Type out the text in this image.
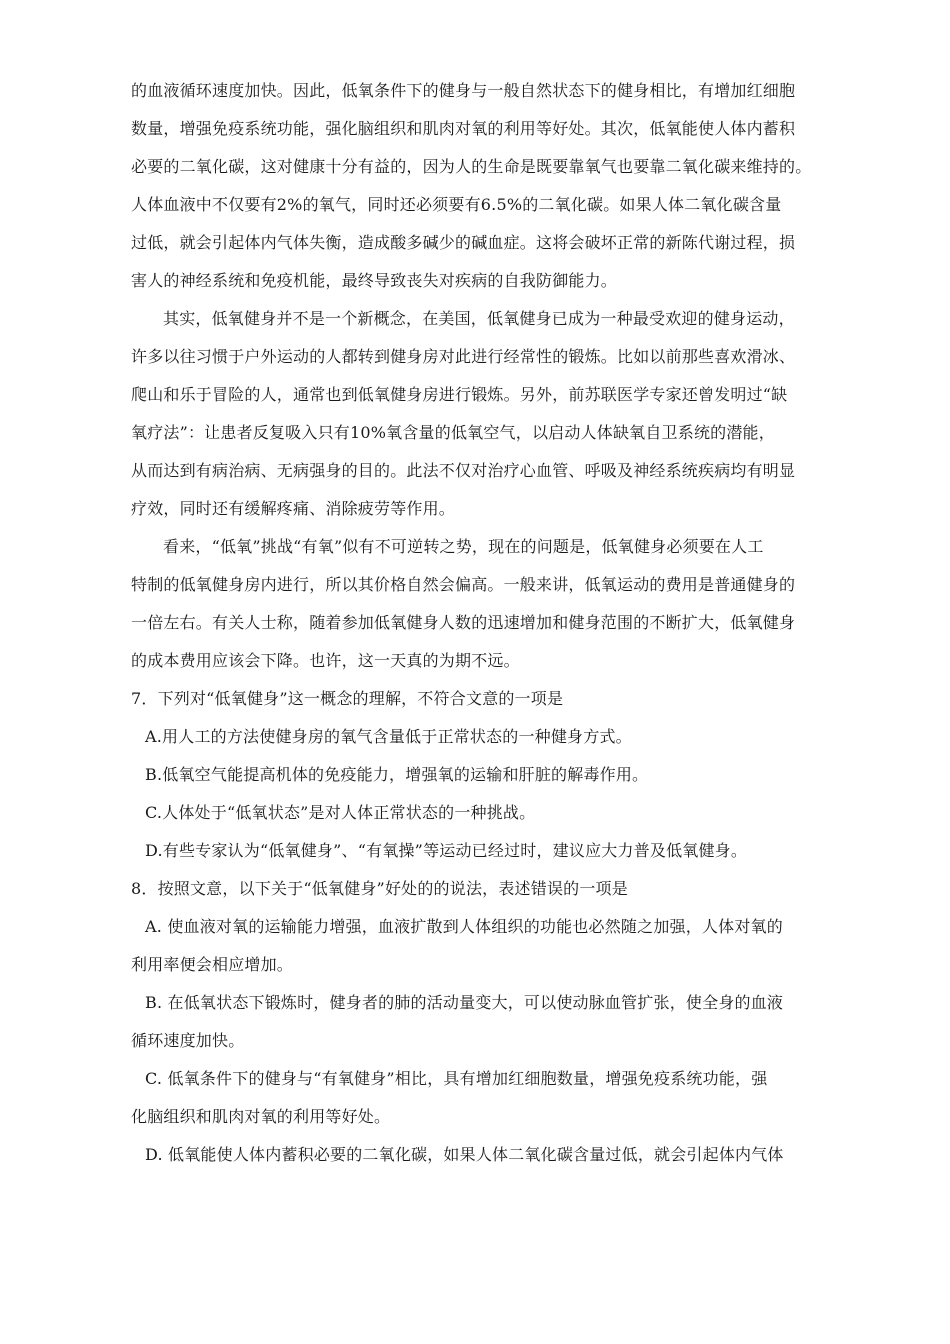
的血液循环速度加快。因此，低氧条件下的健身与一般自然状态下的健身相比，有增加红细胞
数量，增强免疫系统功能，强化脑组织和肌肉对氧的利用等好处。其次，低氧能使人体内蓄积
必要的二氧化碳，这对健康十分有益的，因为人的生命是既要靠氧气也要靠二氧化碳来维持的。
人体血液中不仅要有2%的氧气，同时还必须要有6.5%的二氧化碳。如果人体二氧化碳含量
过低，就会引起体内气体失衡，造成酸多碱少的碱血症。这将会破坏正常的新陈代谢过程，损
害人的神经系统和免疫机能，最终导致丧失对疾病的自我防御能力。
其实，低氧健身并不是一个新概念，在美国，低氧健身已成为一种最受欢迎的健身运动，
许多以往习惯于户外运动的人都转到健身房对此进行经常性的锻炼。比如以前那些喜欢滑冰、
爬山和乐于冒险的人，通常也到低氧健身房进行锻炼。另外，前苏联医学专家还曾发明过“缺
氧疗法”：让患者反复吸入只有10%氧含量的低氧空气，以启动人体缺氧自卫系统的潜能，
从而达到有病治病、无病强身的目的。此法不仅对治疗心血管、呼吸及神经系统疾病均有明显
疗效，同时还有缓解疼痛、消除疲劳等作用。
看来，“低氧”挑战“有氧”似有不可逆转之势，现在的问题是，低氧健身必须要在人工
特制的低氧健身房内进行，所以其价格自然会偏高。一般来讲，低氧运动的费用是普通健身的
一倍左右。有关人士称，随着参加低氧健身人数的迅速增加和健身范围的不断扩大，低氧健身
的成本费用应该会下降。也许，这一天真的为期不远。
7．下列对“低氧健身”这一概念的理解，不符合文意的一项是
A.用人工的方法使健身房的氧气含量低于正常状态的一种健身方式。
B.低氧空气能提高机体的免疫能力，增强氧的运输和肝脏的解毒作用。
C.人体处于“低氧状态”是对人体正常状态的一种挑战。
D.有些专家认为“低氧健身”、“有氧操”等运动已经过时，建议应大力普及低氧健身。
8．按照文意，以下关于“低氧健身”好处的的说法，表述错误的一项是
A. 使血液对氧的运输能力增强，血液扩散到人体组织的功能也必然随之加强，人体对氧的
利用率便会相应增加。
B. 在低氧状态下锻炼时，健身者的肺的活动量变大，可以使动脉血管扩张，使全身的血液
循环速度加快。
C. 低氧条件下的健身与“有氧健身”相比，具有增加红细胞数量，增强免疫系统功能，强
化脑组织和肌肉对氧的利用等好处。
D. 低氧能使人体内蓄积必要的二氧化碳，如果人体二氧化碳含量过低，就会引起体内气体
